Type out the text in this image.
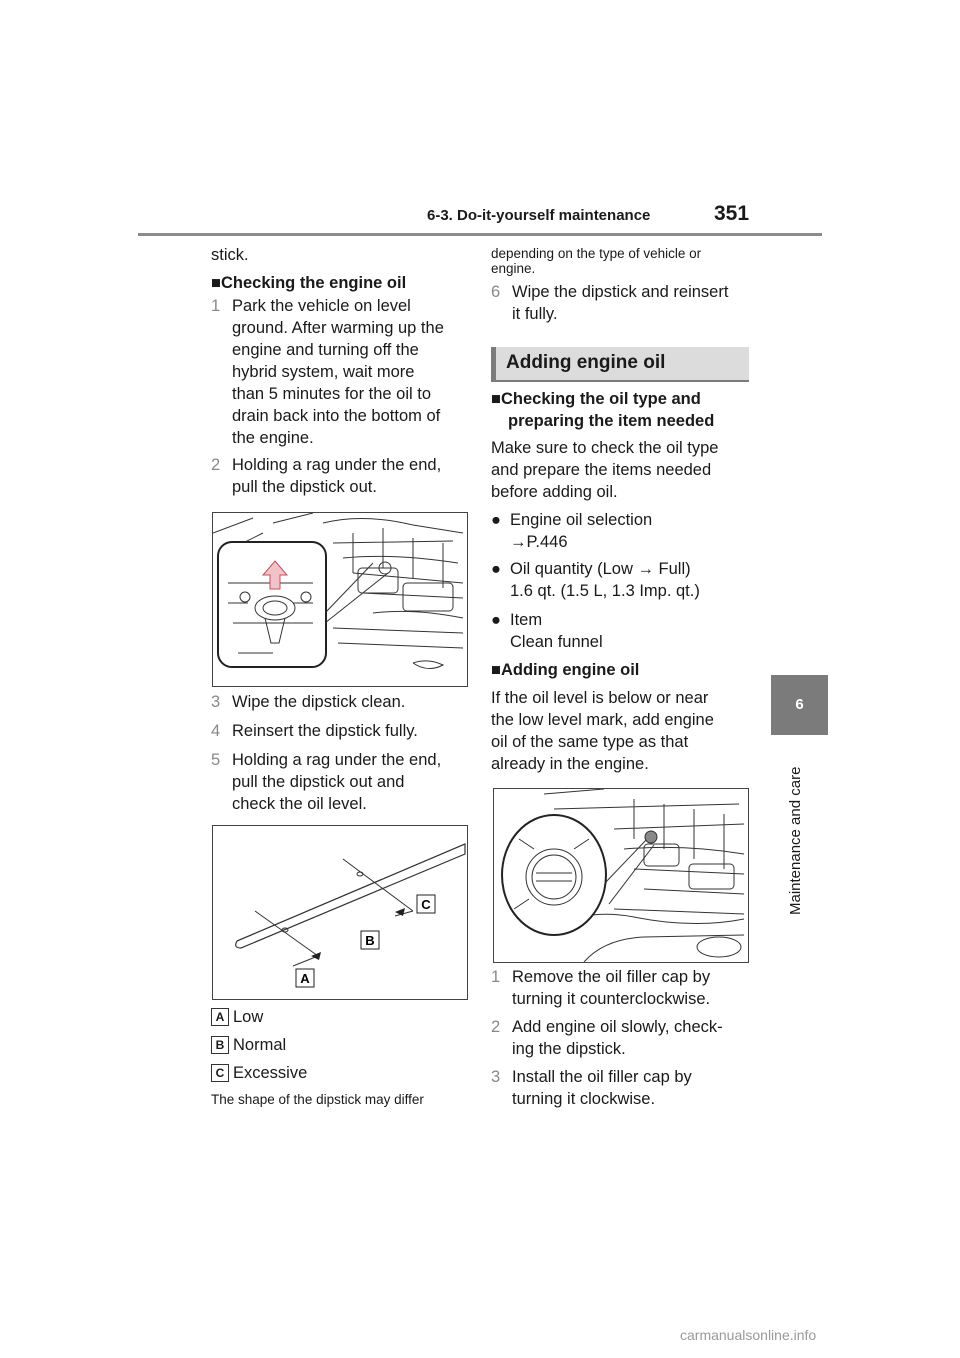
6-3. Do-it-yourself maintenance	351
6
Maintenance and care
stick.
■Checking the engine oil
1 Park the vehicle on level
ground. After warming up the
engine and turning off the
hybrid system, wait more
than 5 minutes for the oil to
drain back into the bottom of
the engine.
2 Holding a rag under the end,
pull the dipstick out.
3 Wipe the dipstick clean.
4 Reinsert the dipstick fully.
5 Holding a rag under the end,
pull the dipstick out and
check the oil level.
C
B
A
A Low
B Normal
C Excessive
The shape of the dipstick may differ
depending on the type of vehicle or
engine.
6 Wipe the dipstick and reinsert
it fully.
Adding engine oil
■Checking the oil type and
preparing the item needed
Make sure to check the oil type
and prepare the items needed
before adding oil.
● Engine oil selection
→P.446
● Oil quantity (Low → Full)
1.6 qt. (1.5 L, 1.3 Imp. qt.)
● Item
Clean funnel
■Adding engine oil
If the oil level is below or near
the low level mark, add engine
oil of the same type as that
already in the engine.
1 Remove the oil filler cap by
turning it counterclockwise.
2 Add engine oil slowly, check-
ing the dipstick.
3 Install the oil filler cap by
turning it clockwise.
carmanualsonline.info
